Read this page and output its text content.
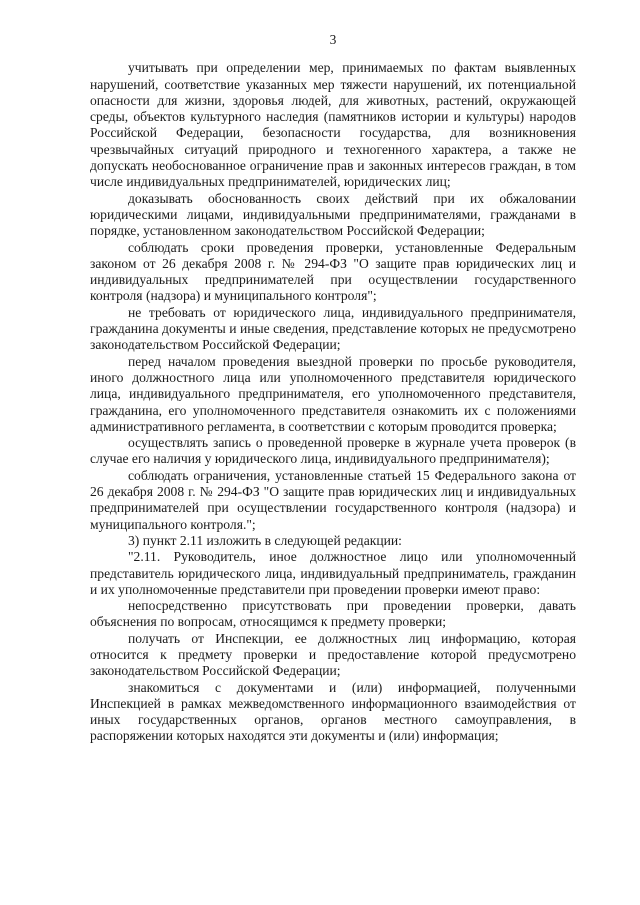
3

учитывать при определении мер, принимаемых по фактам выявленных нарушений, соответствие указанных мер тяжести нарушений, их потенциальной опасности для жизни, здоровья людей, для животных, растений, окружающей среды, объектов культурного наследия (памятников истории и культуры) народов Российской Федерации, безопасности государства, для возникновения чрезвычайных ситуаций природного и техногенного характера, а также не допускать необоснованное ограничение прав и законных интересов граждан, в том числе индивидуальных предпринимателей, юридических лиц;

доказывать обоснованность своих действий при их обжаловании юридическими лицами, индивидуальными предпринимателями, гражданами в порядке, установленном законодательством Российской Федерации;

соблюдать сроки проведения проверки, установленные Федеральным законом от 26 декабря 2008 г. № 294-ФЗ "О защите прав юридических лиц и индивидуальных предпринимателей при осуществлении государственного контроля (надзора) и муниципального контроля";

не требовать от юридического лица, индивидуального предпринимателя, гражданина документы и иные сведения, представление которых не предусмотрено законодательством Российской Федерации;

перед началом проведения выездной проверки по просьбе руководителя, иного должностного лица или уполномоченного представителя юридического лица, индивидуального предпринимателя, его уполномоченного представителя, гражданина, его уполномоченного представителя ознакомить их с положениями административного регламента, в соответствии с которым проводится проверка;

осуществлять запись о проведенной проверке в журнале учета проверок (в случае его наличия у юридического лица, индивидуального предпринимателя);

соблюдать ограничения, установленные статьей 15 Федерального закона от 26 декабря 2008 г. № 294-ФЗ "О защите прав юридических лиц и индивидуальных предпринимателей при осуществлении государственного контроля (надзора) и муниципального контроля.";

3) пункт 2.11 изложить в следующей редакции:

"2.11. Руководитель, иное должностное лицо или уполномоченный представитель юридического лица, индивидуальный предприниматель, гражданин и их уполномоченные представители при проведении проверки имеют право:

непосредственно присутствовать при проведении проверки, давать объяснения по вопросам, относящимся к предмету проверки;

получать от Инспекции, ее должностных лиц информацию, которая относится к предмету проверки и предоставление которой предусмотрено законодательством Российской Федерации;

знакомиться с документами и (или) информацией, полученными Инспекцией в рамках межведомственного информационного взаимодействия от иных государственных органов, органов местного самоуправления, в распоряжении которых находятся эти документы и (или) информация;
